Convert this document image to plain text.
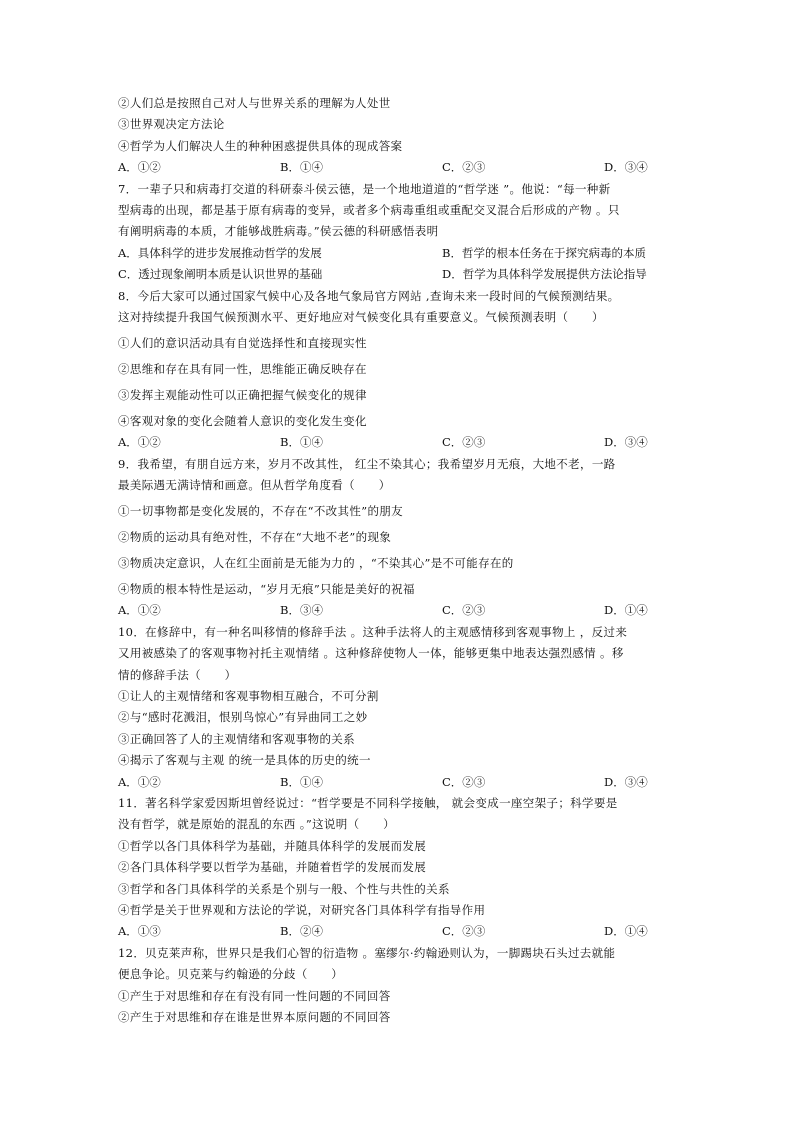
②人们总是按照自己对人与世界关系的理解为人处世
③世界观决定方法论
④哲学为人们解决人生的种种困惑提供具体的现成答案
A．①②	B．①④	C．②③	D．③④
7．一辈子只和病毒打交道的科研泰斗侯云德，是一个地地道道的“哲学迷 ”。他说：“每一种新
型病毒的出现，都是基于原有病毒的变异，或者多个病毒重组或重配交叉混合后形成的产物 。只
有阐明病毒的本质，才能够战胜病毒。”侯云德的科研感悟表明
A．具体科学的进步发展推动哲学的发展	B．哲学的根本任务在于探究病毒的本质
C．透过现象阐明本质是认识世界的基础	D．哲学为具体科学发展提供方法论指导
8．今后大家可以通过国家气候中心及各地气象局官方网站 ,查询未来一段时间的气候预测结果。
这对持续提升我国气候预测水平、更好地应对气候变化具有重要意义。气候预测表明（　　）
①人们的意识活动具有自觉选择性和直接现实性
②思维和存在具有同一性，思维能正确反映存在
③发挥主观能动性可以正确把握气候变化的规律
④客观对象的变化会随着人意识的变化发生变化
A．①②	B．①④	C．②③	D．③④
9．我希望，有朋自远方来，岁月不改其性， 红尘不染其心；我希望岁月无痕，大地不老，一路
最美际遇无满诗情和画意。但从哲学角度看（　　）
①一切事物都是变化发展的，不存在“不改其性”的朋友
②物质的运动具有绝对性，不存在“大地不老”的现象
③物质决定意识，人在红尘面前是无能为力的 ，“不染其心”是不可能存在的
④物质的根本特性是运动，“岁月无痕”只能是美好的祝福
A．①②	B．③④	C．②③	D．①④
10．在修辞中，有一种名叫移情的修辞手法 。这种手法将人的主观感情移到客观事物上 ，反过来
又用被感染了的客观事物衬托主观情绪 。这种修辞使物人一体，能够更集中地表达强烈感情 。移
情的修辞手法（　　）
①让人的主观情绪和客观事物相互融合，不可分割
②与“感时花溅泪，恨别鸟惊心”有异曲同工之妙
③正确回答了人的主观情绪和客观事物的关系
④揭示了客观与主观 的统一是具体的历史的统一
A．①②	B．①④	C．②③	D．③④
11．著名科学家爱因斯坦曾经说过：“哲学要是不同科学接触， 就会变成一座空架子；科学要是
没有哲学，就是原始的混乱的东西 。”这说明（　　）
①哲学以各门具体科学为基础，并随具体科学的发展而发展
②各门具体科学要以哲学为基础，并随着哲学的发展而发展
③哲学和各门具体科学的关系是个别与一般、个性与共性的关系
④哲学是关于世界观和方法论的学说，对研究各门具体科学有指导作用
A．①③	B．②④	C．②③	D．①④
12．贝克莱声称，世界只是我们心智的衍造物 。塞缪尔·约翰逊则认为，一脚踢块石头过去就能
便息争论。贝克莱与约翰逊的分歧（　　）
①产生于对思维和存在有没有同一性问题的不同回答
②产生于对思维和存在谁是世界本原问题的不同回答
